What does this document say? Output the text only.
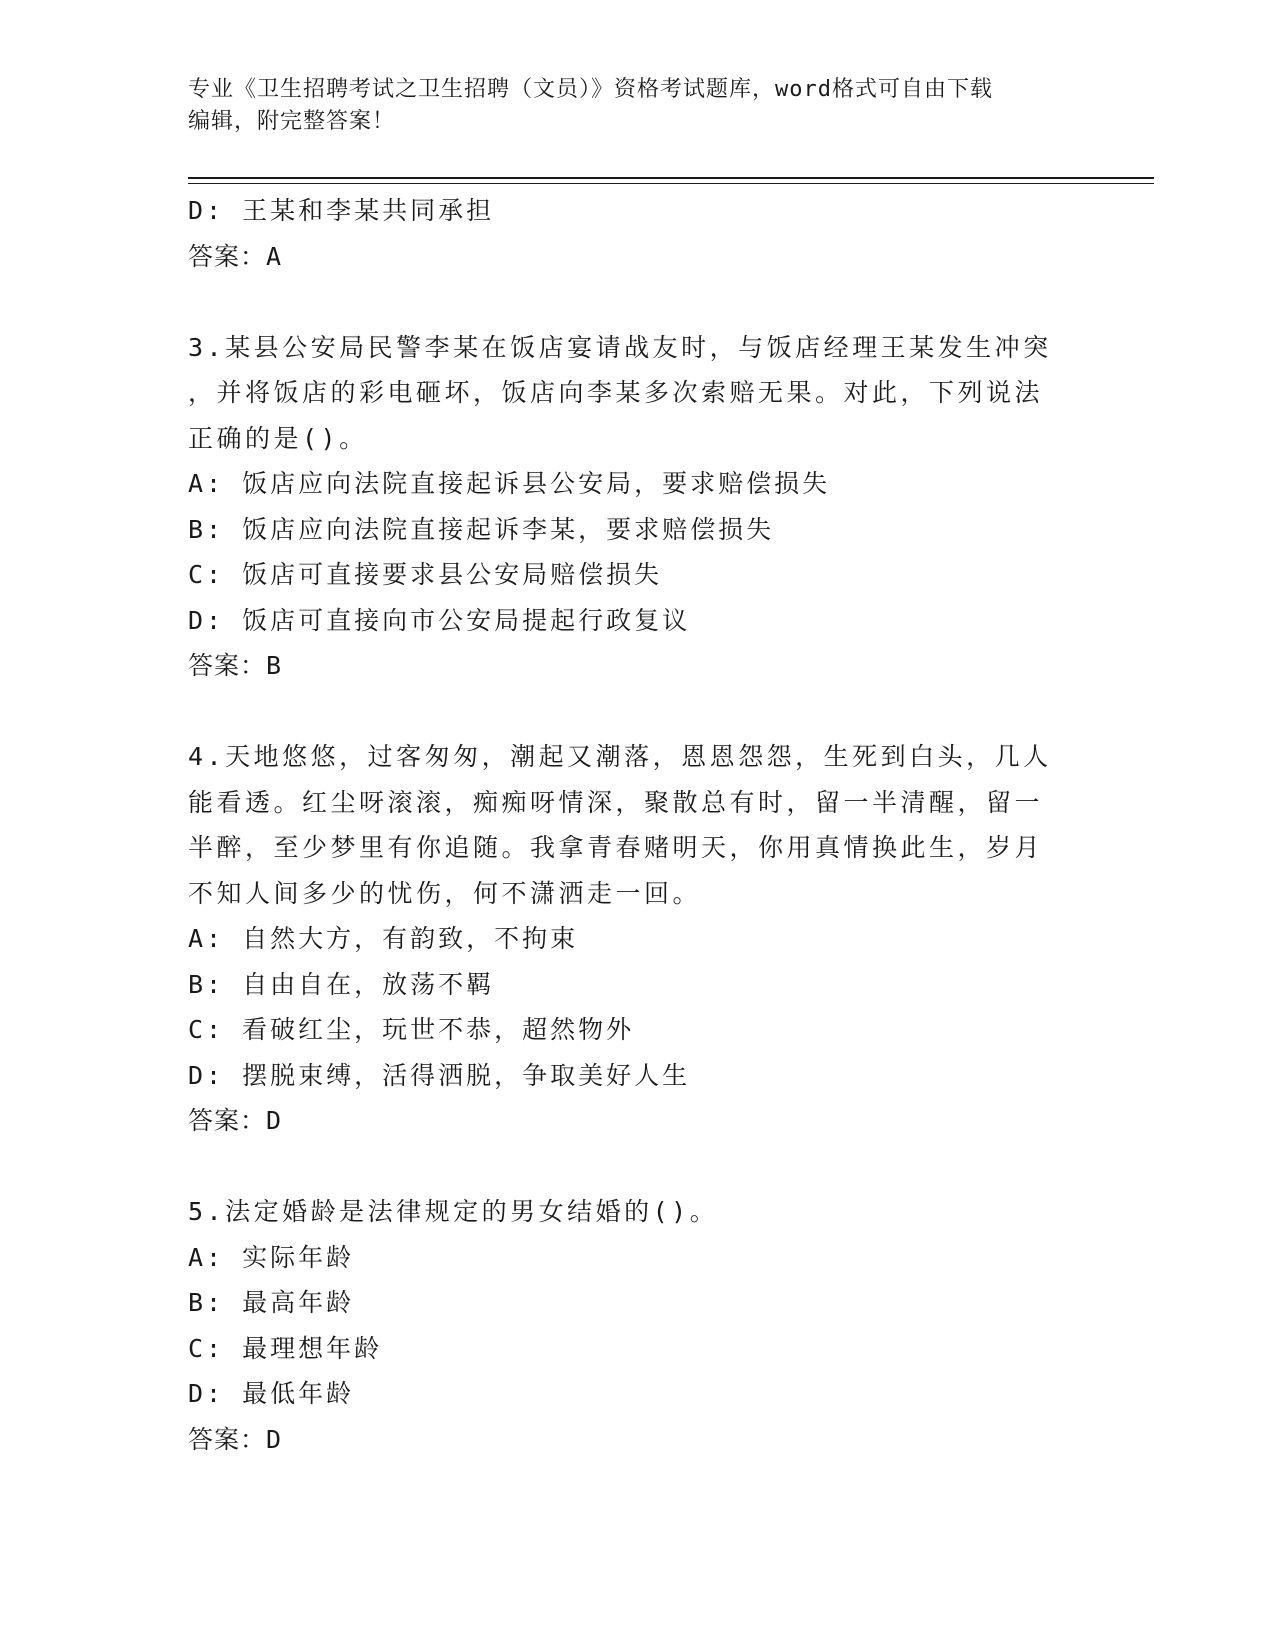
专业《卫生招聘考试之卫生招聘（文员）》资格考试题库，word格式可自由下载
编辑，附完整答案！
D: 王某和李某共同承担
答案：A
3.某县公安局民警李某在饭店宴请战友时，与饭店经理王某发生冲突
，并将饭店的彩电砸坏，饭店向李某多次索赔无果。对此，下列说法
正确的是()。
A: 饭店应向法院直接起诉县公安局，要求赔偿损失
B: 饭店应向法院直接起诉李某，要求赔偿损失
C: 饭店可直接要求县公安局赔偿损失
D: 饭店可直接向市公安局提起行政复议
答案：B
4.天地悠悠，过客匆匆，潮起又潮落，恩恩怨怨，生死到白头，几人
能看透。红尘呀滚滚，痴痴呀情深，聚散总有时，留一半清醒，留一
半醉，至少梦里有你追随。我拿青春赌明天，你用真情换此生，岁月
不知人间多少的忧伤，何不潇洒走一回。
A: 自然大方，有韵致，不拘束
B: 自由自在，放荡不羁
C: 看破红尘，玩世不恭，超然物外
D: 摆脱束缚，活得洒脱，争取美好人生
答案：D
5.法定婚龄是法律规定的男女结婚的()。
A: 实际年龄
B: 最高年龄
C: 最理想年龄
D: 最低年龄
答案：D
